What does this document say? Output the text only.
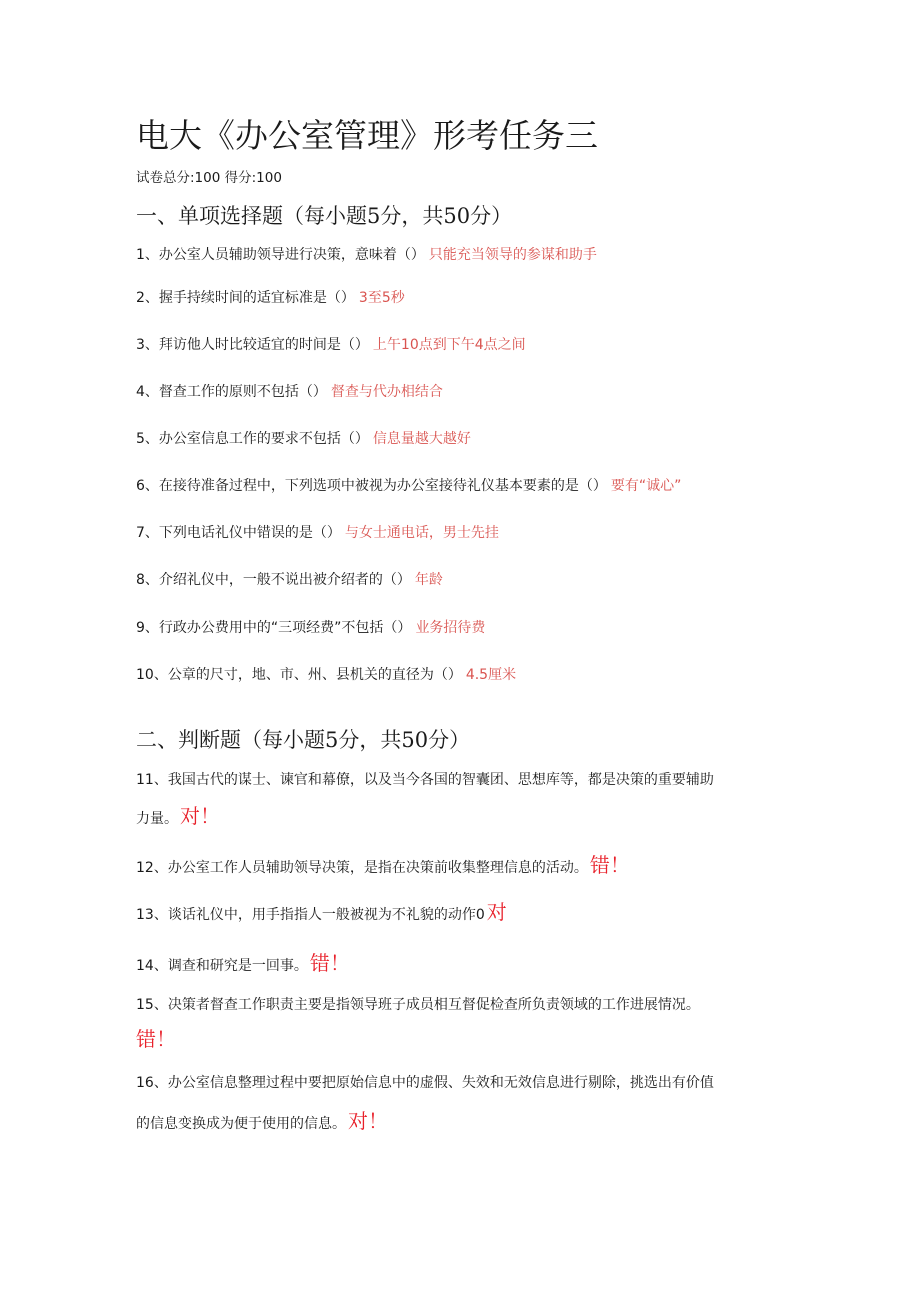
电大《办公室管理》形考任务三
试卷总分:100 得分:100
一、单项选择题（每小题5分，共50分）
1、办公室人员辅助领导进行决策，意味着（） 只能充当领导的参谋和助手
2、握手持续时间的适宜标准是（） 3至5秒
3、拜访他人时比较适宜的时间是（） 上午10点到下午4点之间
4、督查工作的原则不包括（） 督查与代办相结合
5、办公室信息工作的要求不包括（） 信息量越大越好
6、在接待准备过程中，下列选项中被视为办公室接待礼仪基本要素的是（） 要有“诚心”
7、下列电话礼仪中错误的是（） 与女士通电话，男士先挂
8、介绍礼仪中，一般不说出被介绍者的（） 年龄
9、行政办公费用中的“三项经费”不包括（） 业务招待费
10、公章的尺寸，地、市、州、县机关的直径为（） 4.5厘米
二、判断题（每小题5分，共50分）
11、我国古代的谋士、谏官和幕僚，以及当今各国的智囊团、思想库等，都是决策的重要辅助
力量。 对！
12、办公室工作人员辅助领导决策，是指在决策前收集整理信息的活动。 错！
13、谈话礼仪中，用手指指人一般被视为不礼貌的动作0 对
14、调查和研究是一回事。 错！
15、决策者督查工作职责主要是指领导班子成员相互督促检查所负责领域的工作进展情况。
错！
16、办公室信息整理过程中要把原始信息中的虚假、失效和无效信息进行剔除，挑选出有价值
的信息变换成为便于使用的信息。 对！
